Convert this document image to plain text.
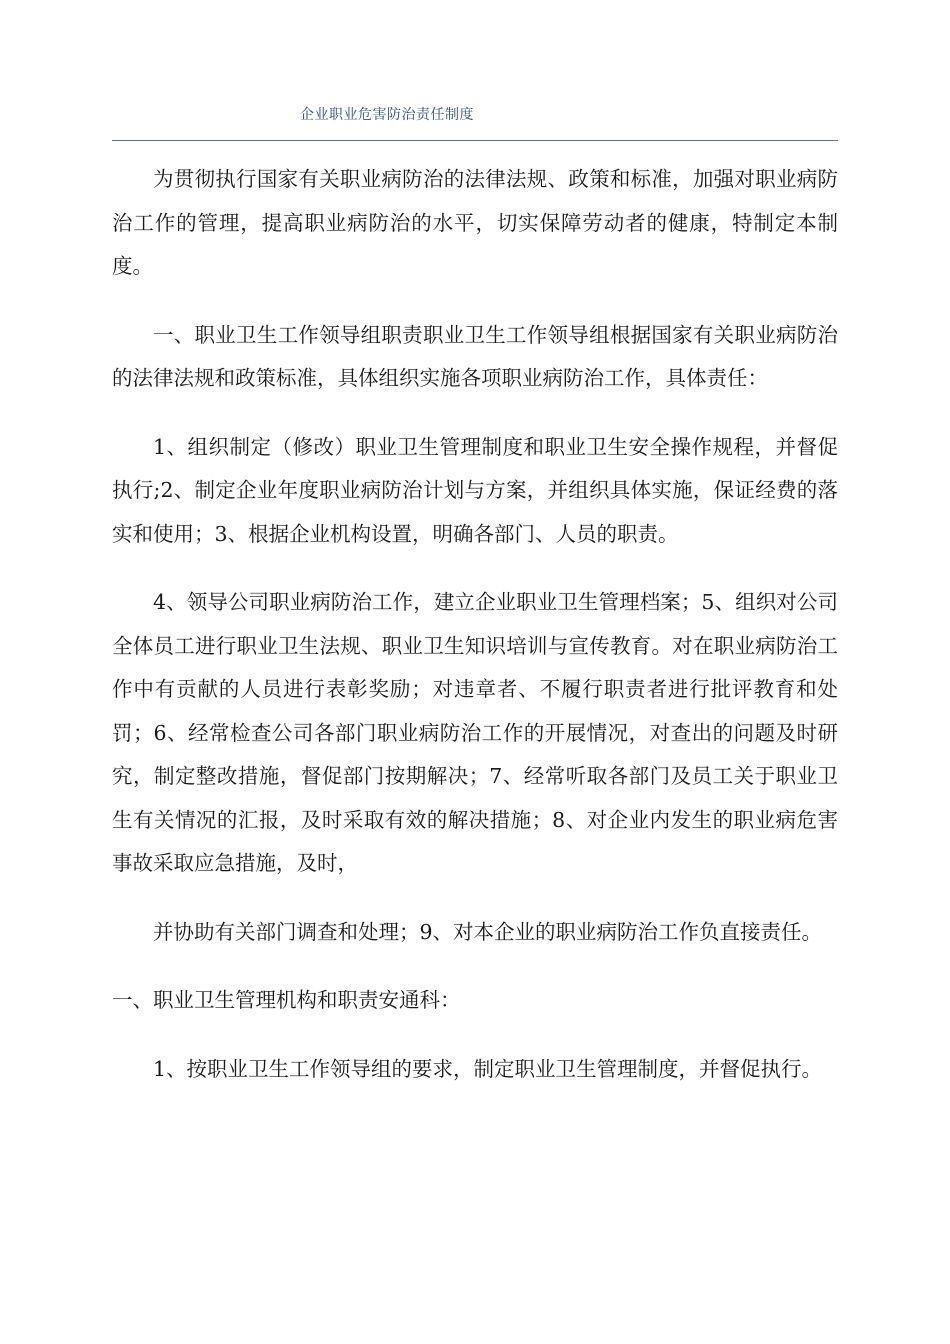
企业职业危害防治责任制度

为贯彻执行国家有关职业病防治的法律法规、政策和标准，加强对职业病防治工作的管理，提高职业病防治的水平，切实保障劳动者的健康，特制定本制度。

一、职业卫生工作领导组职责职业卫生工作领导组根据国家有关职业病防治的法律法规和政策标准，具体组织实施各项职业病防治工作，具体责任：

1、组织制定（修改）职业卫生管理制度和职业卫生安全操作规程，并督促执行;2、制定企业年度职业病防治计划与方案，并组织具体实施，保证经费的落实和使用；3、根据企业机构设置，明确各部门、人员的职责。

4、领导公司职业病防治工作，建立企业职业卫生管理档案；5、组织对公司全体员工进行职业卫生法规、职业卫生知识培训与宣传教育。对在职业病防治工作中有贡献的人员进行表彰奖励；对违章者、不履行职责者进行批评教育和处罚；6、经常检查公司各部门职业病防治工作的开展情况，对查出的问题及时研究，制定整改措施，督促部门按期解决；7、经常听取各部门及员工关于职业卫生有关情况的汇报，及时采取有效的解决措施；8、对企业内发生的职业病危害事故采取应急措施，及时，

并协助有关部门调查和处理；9、对本企业的职业病防治工作负直接责任。

一、职业卫生管理机构和职责安通科：

1、按职业卫生工作领导组的要求，制定职业卫生管理制度，并督促执行。
